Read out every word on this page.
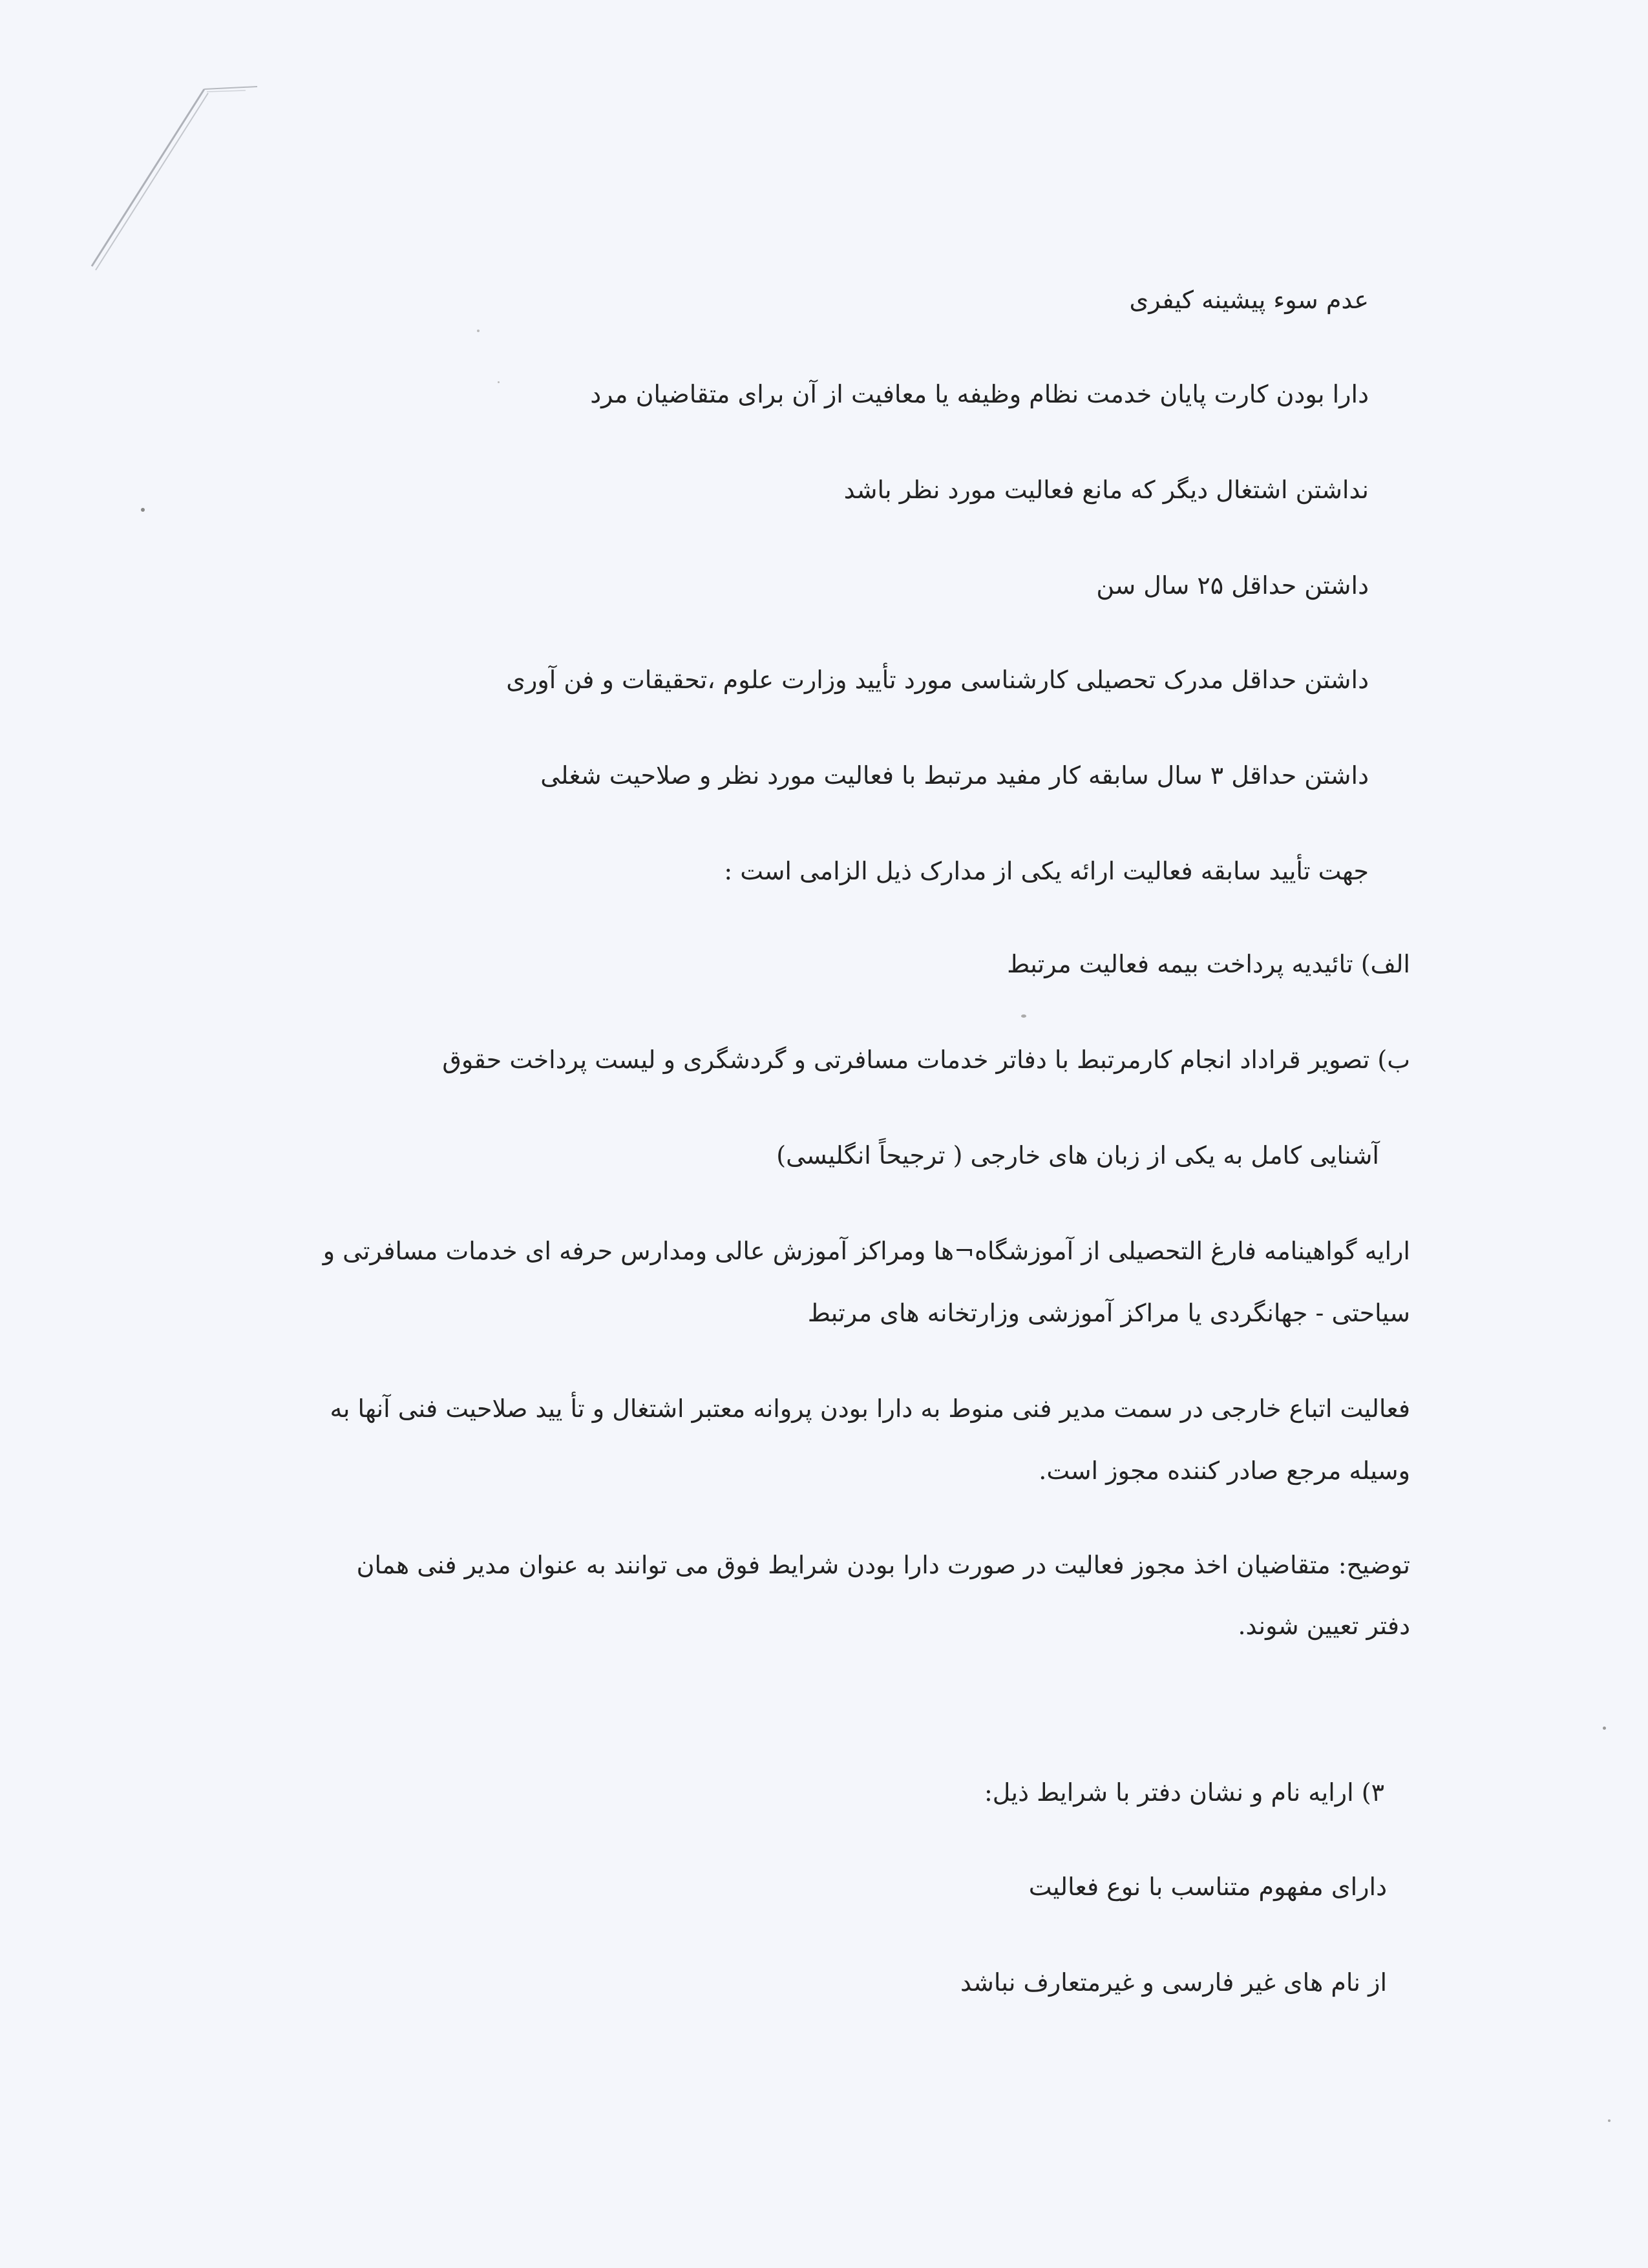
عدم سوء پیشینه کیفری
دارا بودن کارت پایان خدمت نظام وظیفه یا معافیت از آن برای متقاضیان مرد
نداشتن اشتغال دیگر که مانع فعالیت مورد نظر باشد
داشتن حداقل ۲۵ سال سن
داشتن حداقل مدرک تحصیلی کارشناسی مورد تأیید وزارت علوم ،تحقیقات و فن آوری
داشتن حداقل ۳ سال سابقه کار مفید مرتبط با فعالیت مورد نظر و صلاحیت شغلی
جهت تأیید سابقه فعالیت ارائه یکی از مدارک ذیل الزامی است :
الف) تائیدیه پرداخت بیمه فعالیت مرتبط
ب) تصویر قراداد انجام کارمرتبط با دفاتر خدمات مسافرتی و گردشگری و لیست پرداخت حقوق
آشنایی کامل به یکی از زبان های خارجی ( ترجیحاً انگلیسی)
ارایه گواهینامه فارغ التحصیلی از آموزشگاه‌¬ها ومراکز آموزش عالی ومدارس حرفه ای خدمات مسافرتی و
سیاحتی - جهانگردی یا مراکز آموزشی وزارتخانه های مرتبط
فعالیت اتباع خارجی در سمت مدیر فنی منوط به دارا بودن پروانه معتبر اشتغال و تأ یید صلاحیت فنی آنها به
وسیله مرجع صادر کننده مجوز است.
توضیح: متقاضیان اخذ مجوز فعالیت در صورت دارا بودن شرایط فوق می توانند به عنوان مدیر فنی همان
دفتر تعیین شوند.
۳) ارایه نام و نشان دفتر با شرایط ذیل:
دارای مفهوم متناسب با نوع فعالیت
از نام های غیر فارسی و غیرمتعارف نباشد
